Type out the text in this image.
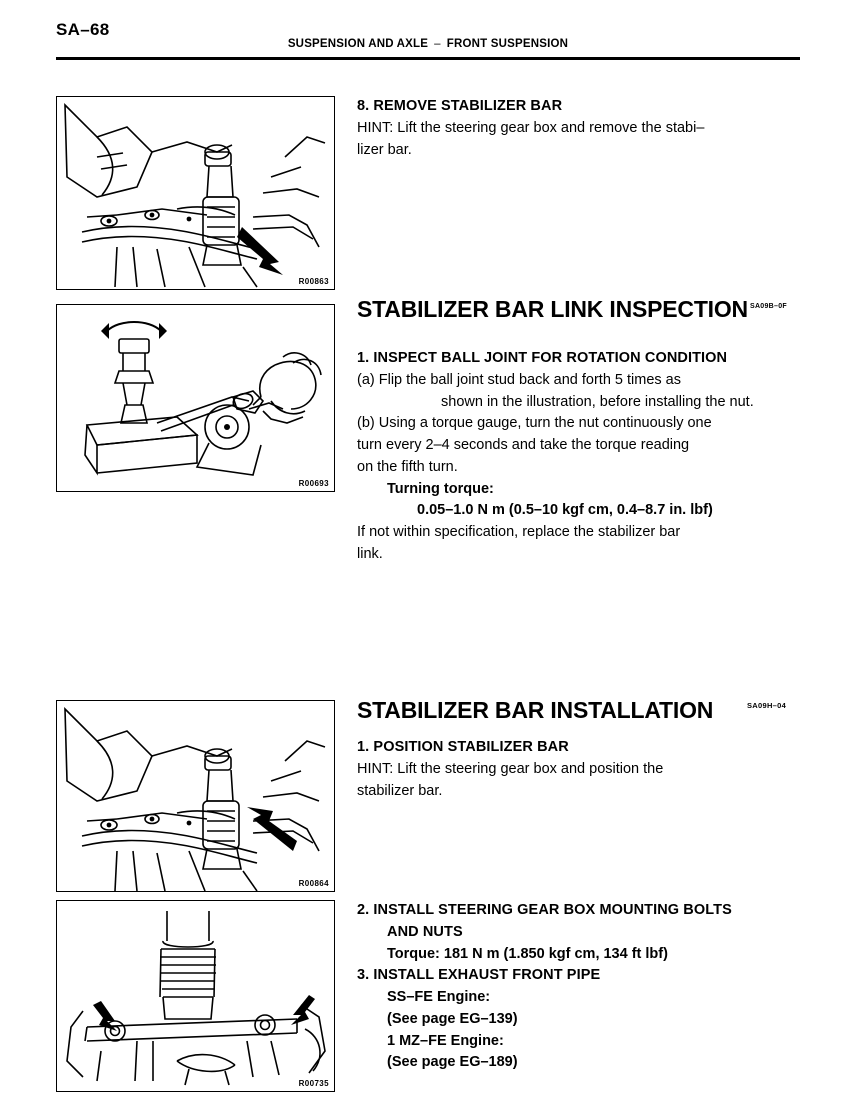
SA–68
SUSPENSION AND AXLE – FRONT SUSPENSION
R00863
R00693
R00864
R00735
8. REMOVE STABILIZER BAR
HINT: Lift the steering gear box and remove the stabi–
lizer bar.
STABILIZER BAR LINK INSPECTION $^{SA09B-0F}$
1. INSPECT BALL JOINT FOR ROTATION CONDITION
(a) Flip the ball joint stud back and forth 5 times as
shown in the illustration, before installing the nut.
(b) Using a torque gauge, turn the nut continuously one
turn every 2–4 seconds and take the torque reading
on the fifth turn.
Turning torque:
0.05–1.0 N m (0.5–10 kgf cm, 0.4–8.7 in. lbf)
If not within specification, replace the stabilizer bar
link.
STABILIZER BAR INSTALLATION	SA09H–04
1. POSITION STABILIZER BAR
HINT: Lift the steering gear box and position the
stabilizer bar.
2. INSTALL STEERING GEAR BOX MOUNTING BOLTS
AND NUTS
Torque: 181 N m (1.850 kgf cm, 134 ft lbf)
3. INSTALL EXHAUST FRONT PIPE
SS–FE Engine:
(See page EG–139)
1 MZ–FE Engine:
(See page EG–189)
